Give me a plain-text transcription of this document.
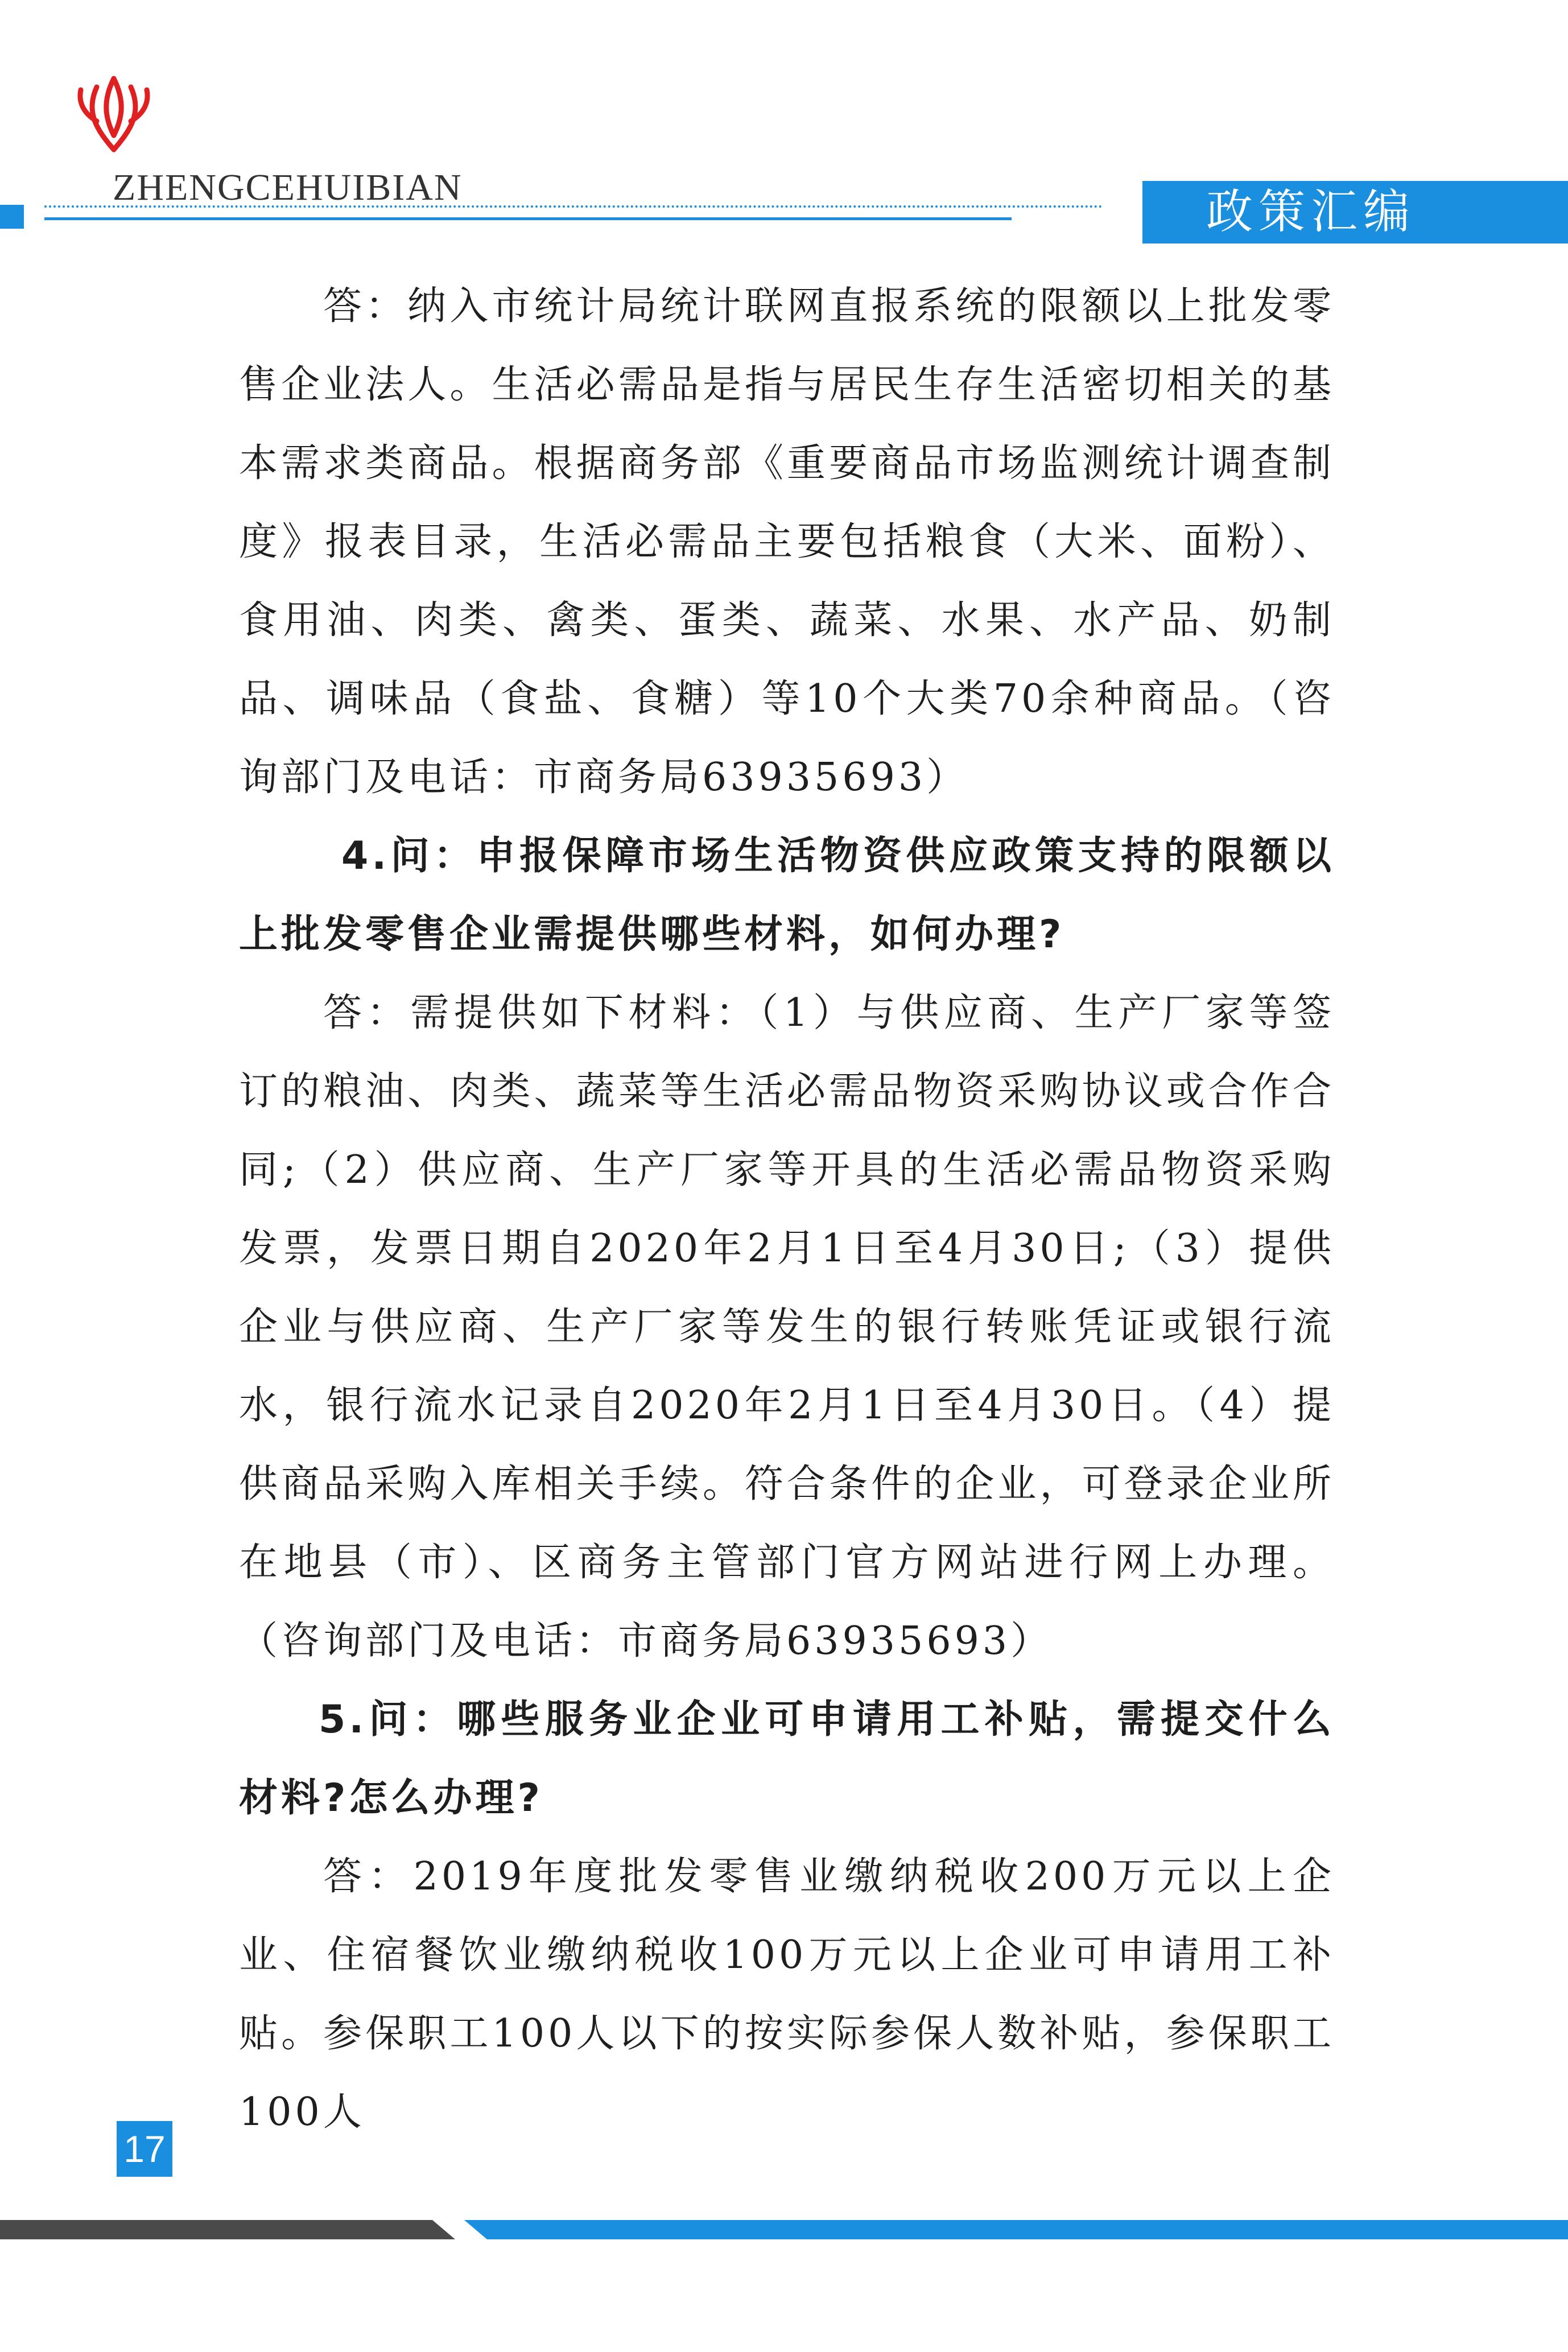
ZHENGCEHUIBIAN	政策汇编

答：纳入市统计局统计联网直报系统的限额以上批发零售企业法人。生活必需品是指与居民生存生活密切相关的基本需求类商品。根据商务部《重要商品市场监测统计调查制度》报表目录，生活必需品主要包括粮食（大米、面粉）、食用油、肉类、禽类、蛋类、蔬菜、水果、水产品、奶制品、调味品（食盐、食糖）等10个大类70余种商品。（咨询部门及电话：市商务局63935693）

4.问：申报保障市场生活物资供应政策支持的限额以上批发零售企业需提供哪些材料，如何办理?

答：需提供如下材料：（1）与供应商、生产厂家等签订的粮油、肉类、蔬菜等生活必需品物资采购协议或合作合同;（2）供应商、生产厂家等开具的生活必需品物资采购发票，发票日期自2020年2月1日至4月30日;（3）提供企业与供应商、生产厂家等发生的银行转账凭证或银行流水，银行流水记录自2020年2月1日至4月30日。（4）提供商品采购入库相关手续。符合条件的企业，可登录企业所在地县（市）、区商务主管部门官方网站进行网上办理。（咨询部门及电话：市商务局63935693）

5.问：哪些服务业企业可申请用工补贴，需提交什么材料?怎么办理?

答：2019年度批发零售业缴纳税收200万元以上企业、住宿餐饮业缴纳税收100万元以上企业可申请用工补贴。参保职工100人以下的按实际参保人数补贴，参保职工100人

17
